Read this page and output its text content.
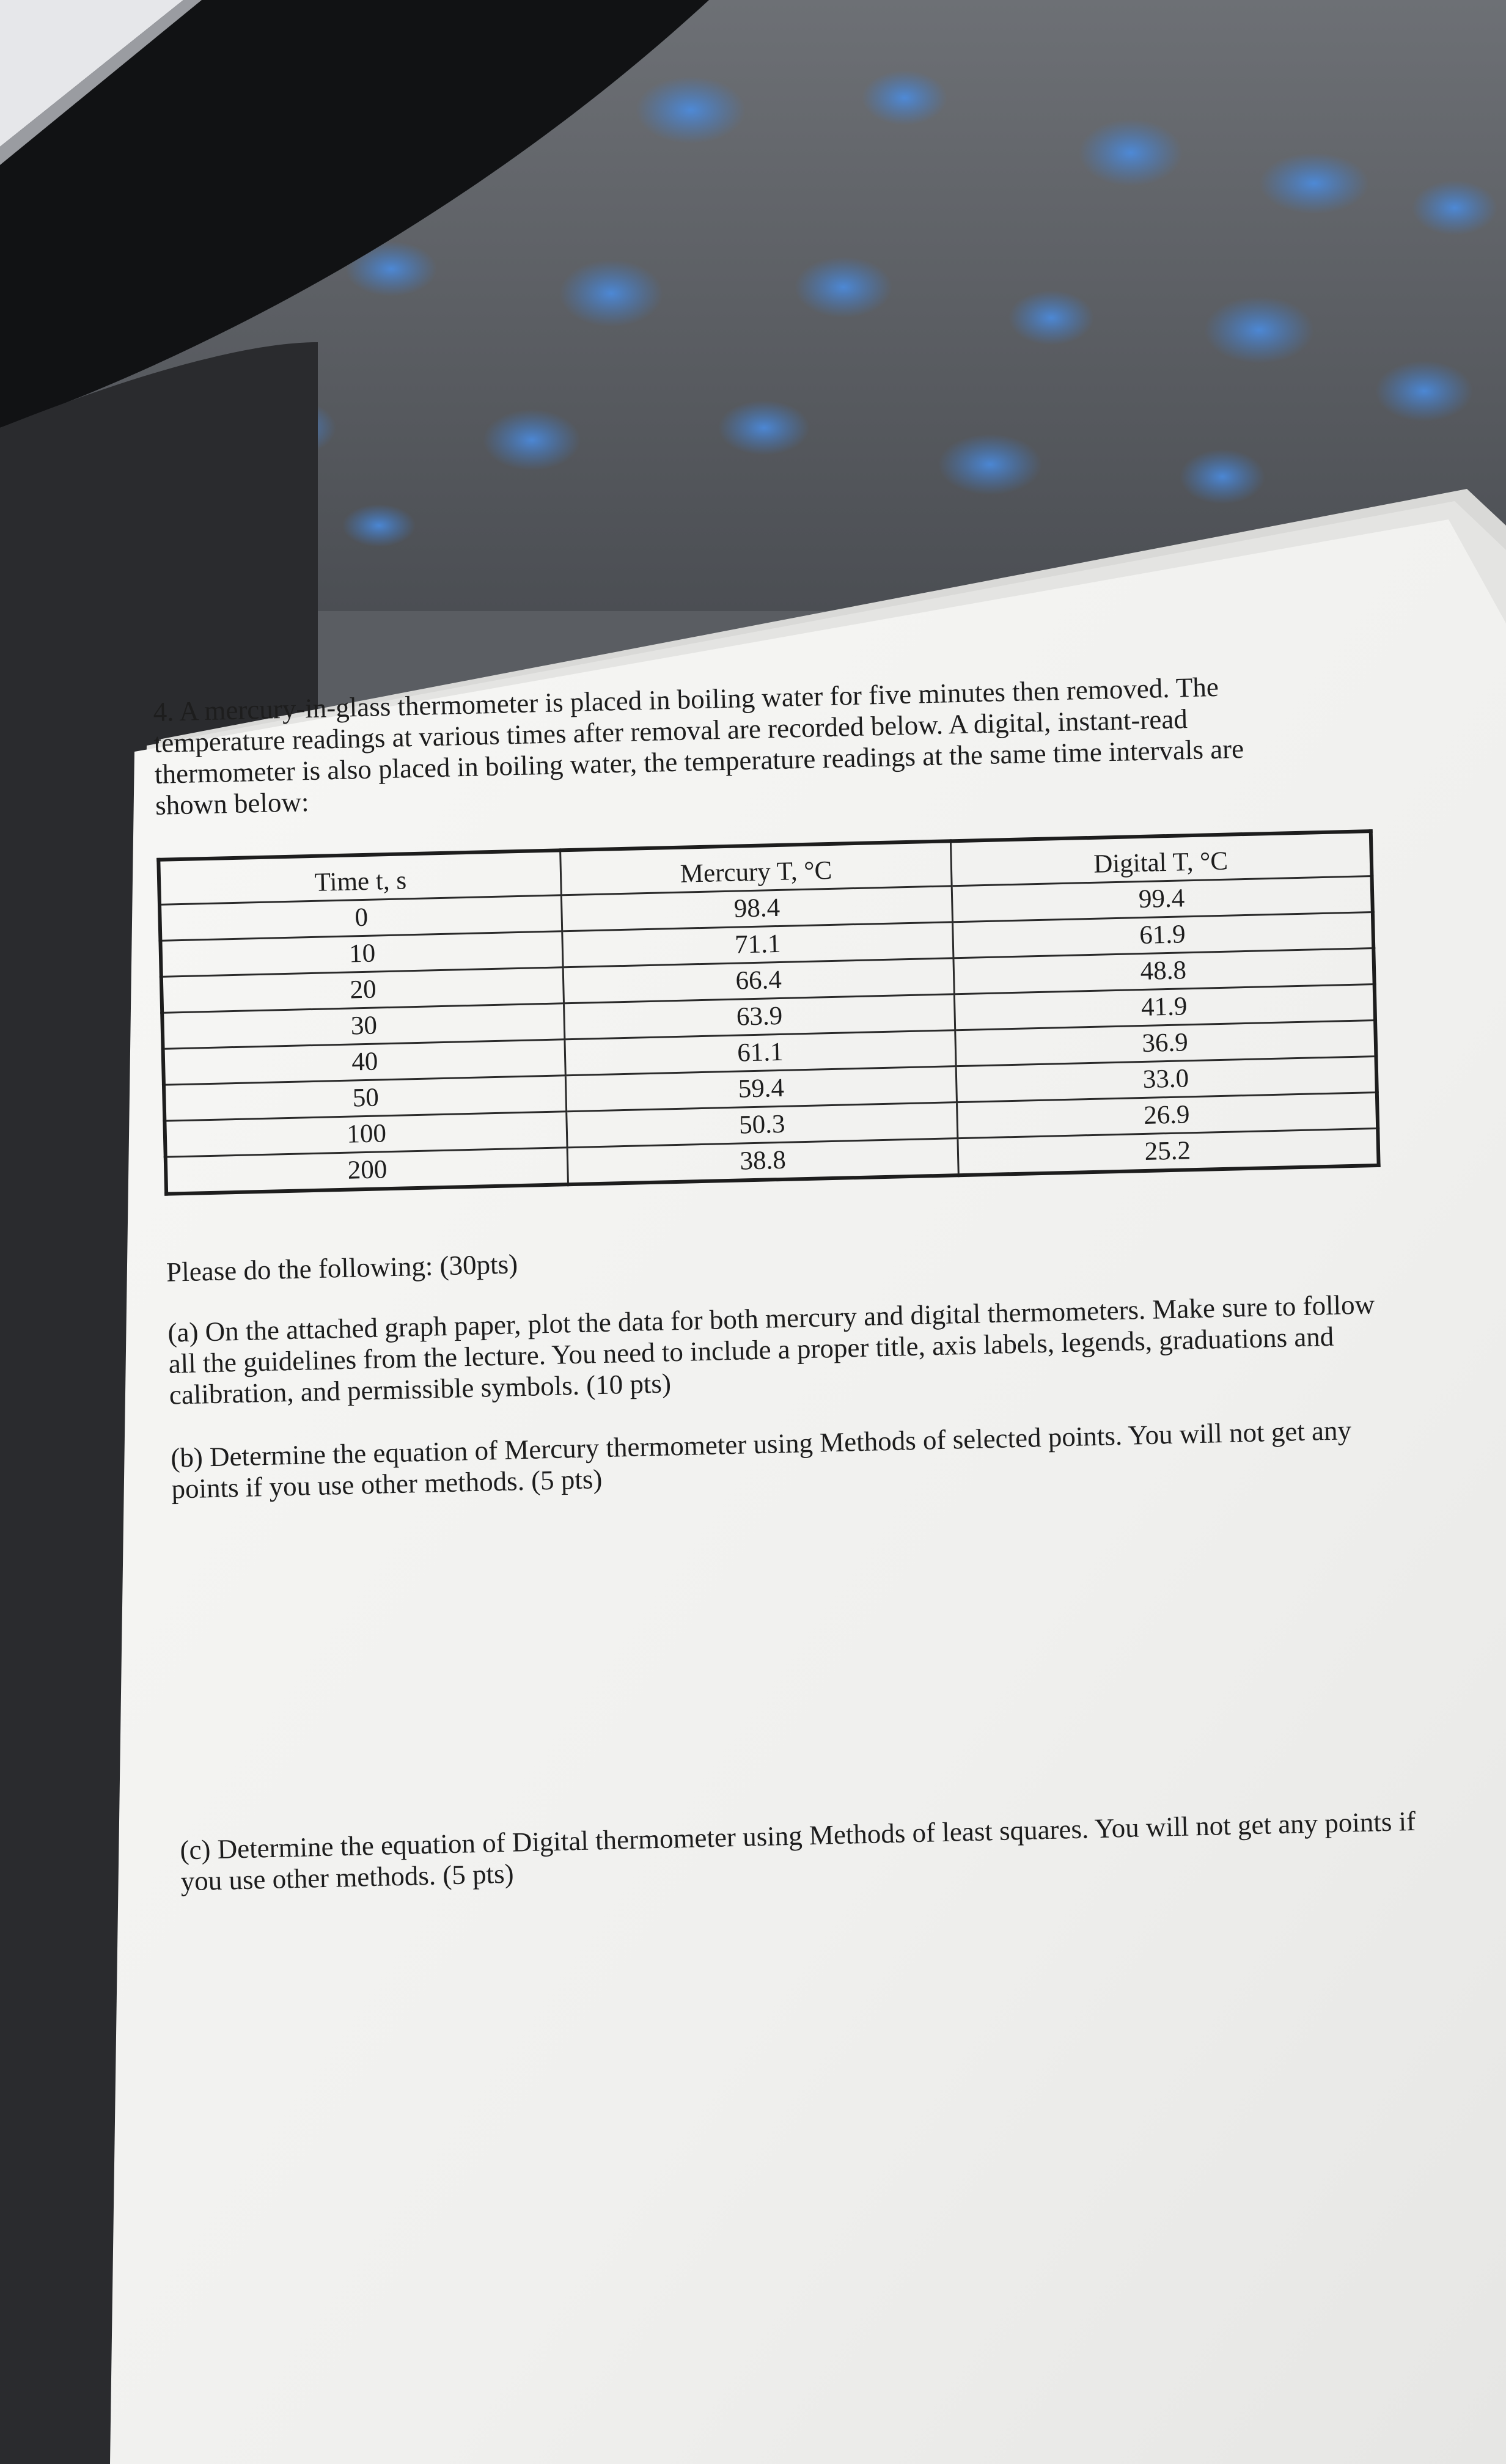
4. A mercury-in-glass thermometer is placed in boiling water for five minutes then removed. The temperature readings at various times after removal are recorded below. A digital, instant-read thermometer is also placed in boiling water, the temperature readings at the same time intervals are shown below:

Time t, s	Mercury T, °C	Digital T, °C
0	98.4	99.4
10	71.1	61.9
20	66.4	48.8
30	63.9	41.9
40	61.1	36.9
50	59.4	33.0
100	50.3	26.9
200	38.8	25.2

Please do the following: (30pts)

(a) On the attached graph paper, plot the data for both mercury and digital thermometers. Make sure to follow all the guidelines from the lecture. You need to include a proper title, axis labels, legends, graduations and calibration, and permissible symbols. (10 pts)

(b) Determine the equation of Mercury thermometer using Methods of selected points. You will not get any points if you use other methods. (5 pts)

(c) Determine the equation of Digital thermometer using Methods of least squares. You will not get any points if you use other methods. (5 pts)
